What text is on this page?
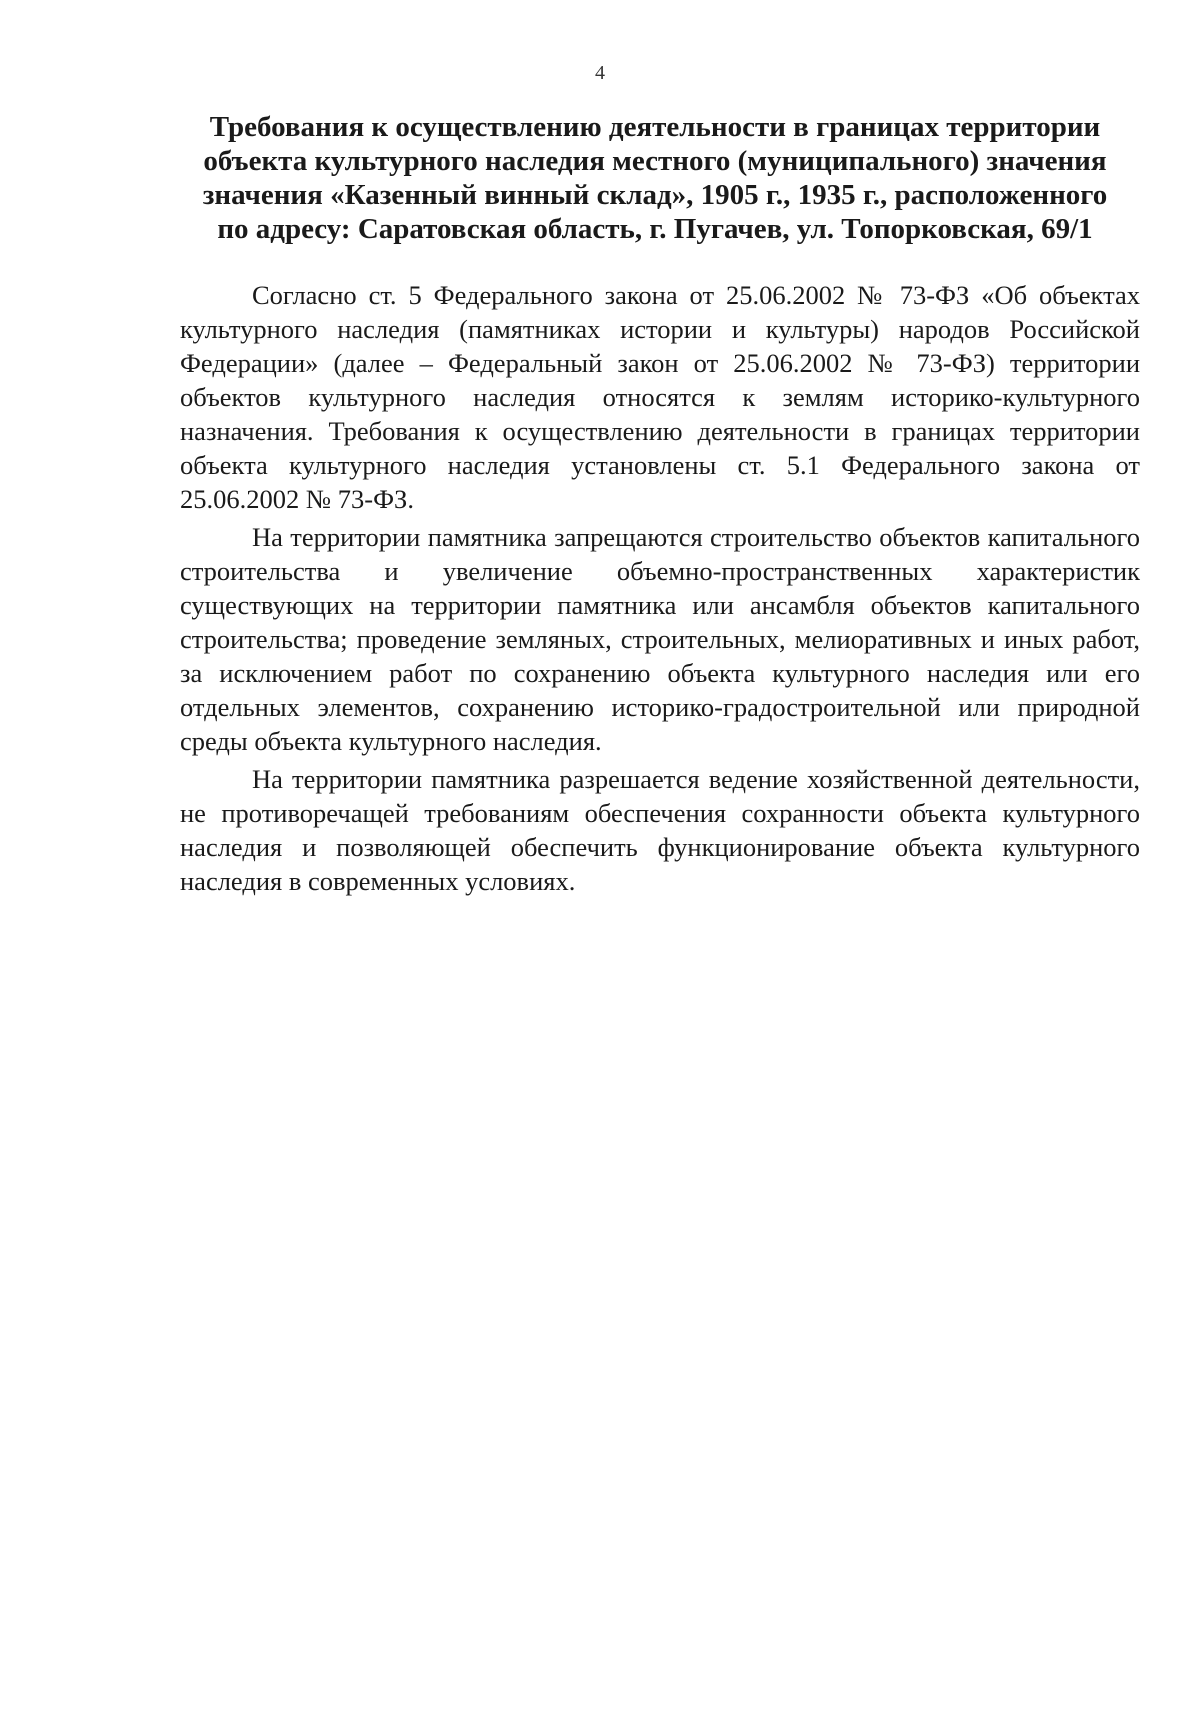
4
Требования к осуществлению деятельности в границах территории
объекта культурного наследия местного (муниципального) значения
значения «Казенный винный склад», 1905 г., 1935 г., расположенного
по адресу: Саратовская область, г. Пугачев, ул. Топорковская, 69/1

Согласно ст. 5 Федерального закона от 25.06.2002 № 73-ФЗ «Об объектах культурного наследия (памятниках истории и культуры) народов Российской Федерации» (далее – Федеральный закон от 25.06.2002 № 73-ФЗ) территории объектов культурного наследия относятся к землям историко-культурного назначения. Требования к осуществлению деятельности в границах территории объекта культурного наследия установлены ст. 5.1 Федерального закона от 25.06.2002 № 73-ФЗ.

На территории памятника запрещаются строительство объектов капитального строительства и увеличение объемно-пространственных характеристик существующих на территории памятника или ансамбля объектов капитального строительства; проведение земляных, строительных, мелиоративных и иных работ, за исключением работ по сохранению объекта культурного наследия или его отдельных элементов, сохранению историко-градостроительной или природной среды объекта культурного наследия.

На территории памятника разрешается ведение хозяйственной деятельности, не противоречащей требованиям обеспечения сохранности объекта культурного наследия и позволяющей обеспечить функционирование объекта культурного наследия в современных условиях.
